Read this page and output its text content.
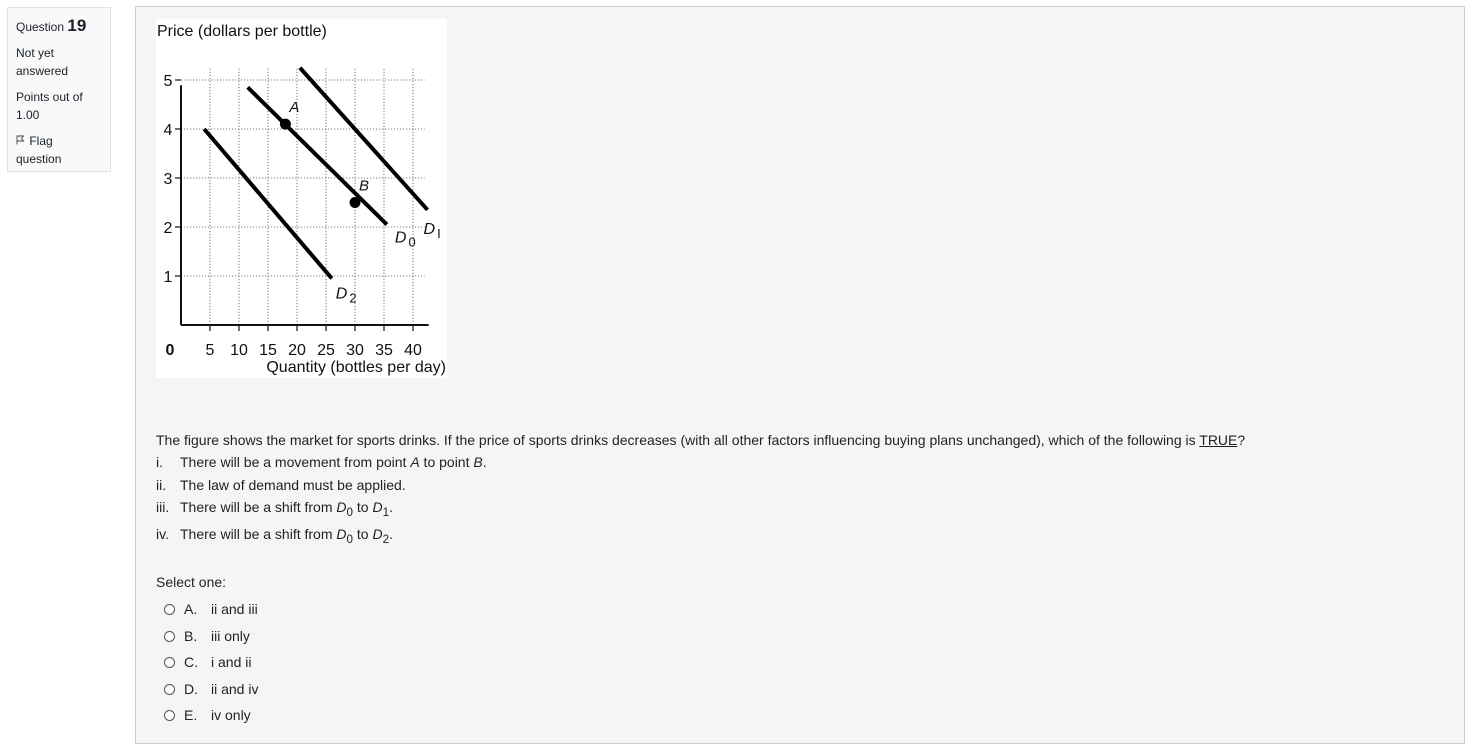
Question 19
Not yet
answered
Points out of
1.00
Flag
question
5 10 15 20 25 30 35 40
1
2
3
4
5
0
Price (dollars per bottle)
Quantity (bottles per day)
D $_0$
D $_I$
D $_2$
A
B
The figure shows the market for sports drinks. If the price of sports drinks decreases (with all other factors influencing buying plans unchanged), which of the following is TRUE?
i. There will be a movement from point A to point B.
ii. The law of demand must be applied.
iii. There will be a shift from $D_0$ to $D_1$.
iv. There will be a shift from $D_0$ to $D_2$.
Select one:
A. ii and iii
B. iii only
C. i and ii
D. ii and iv
E. iv only
